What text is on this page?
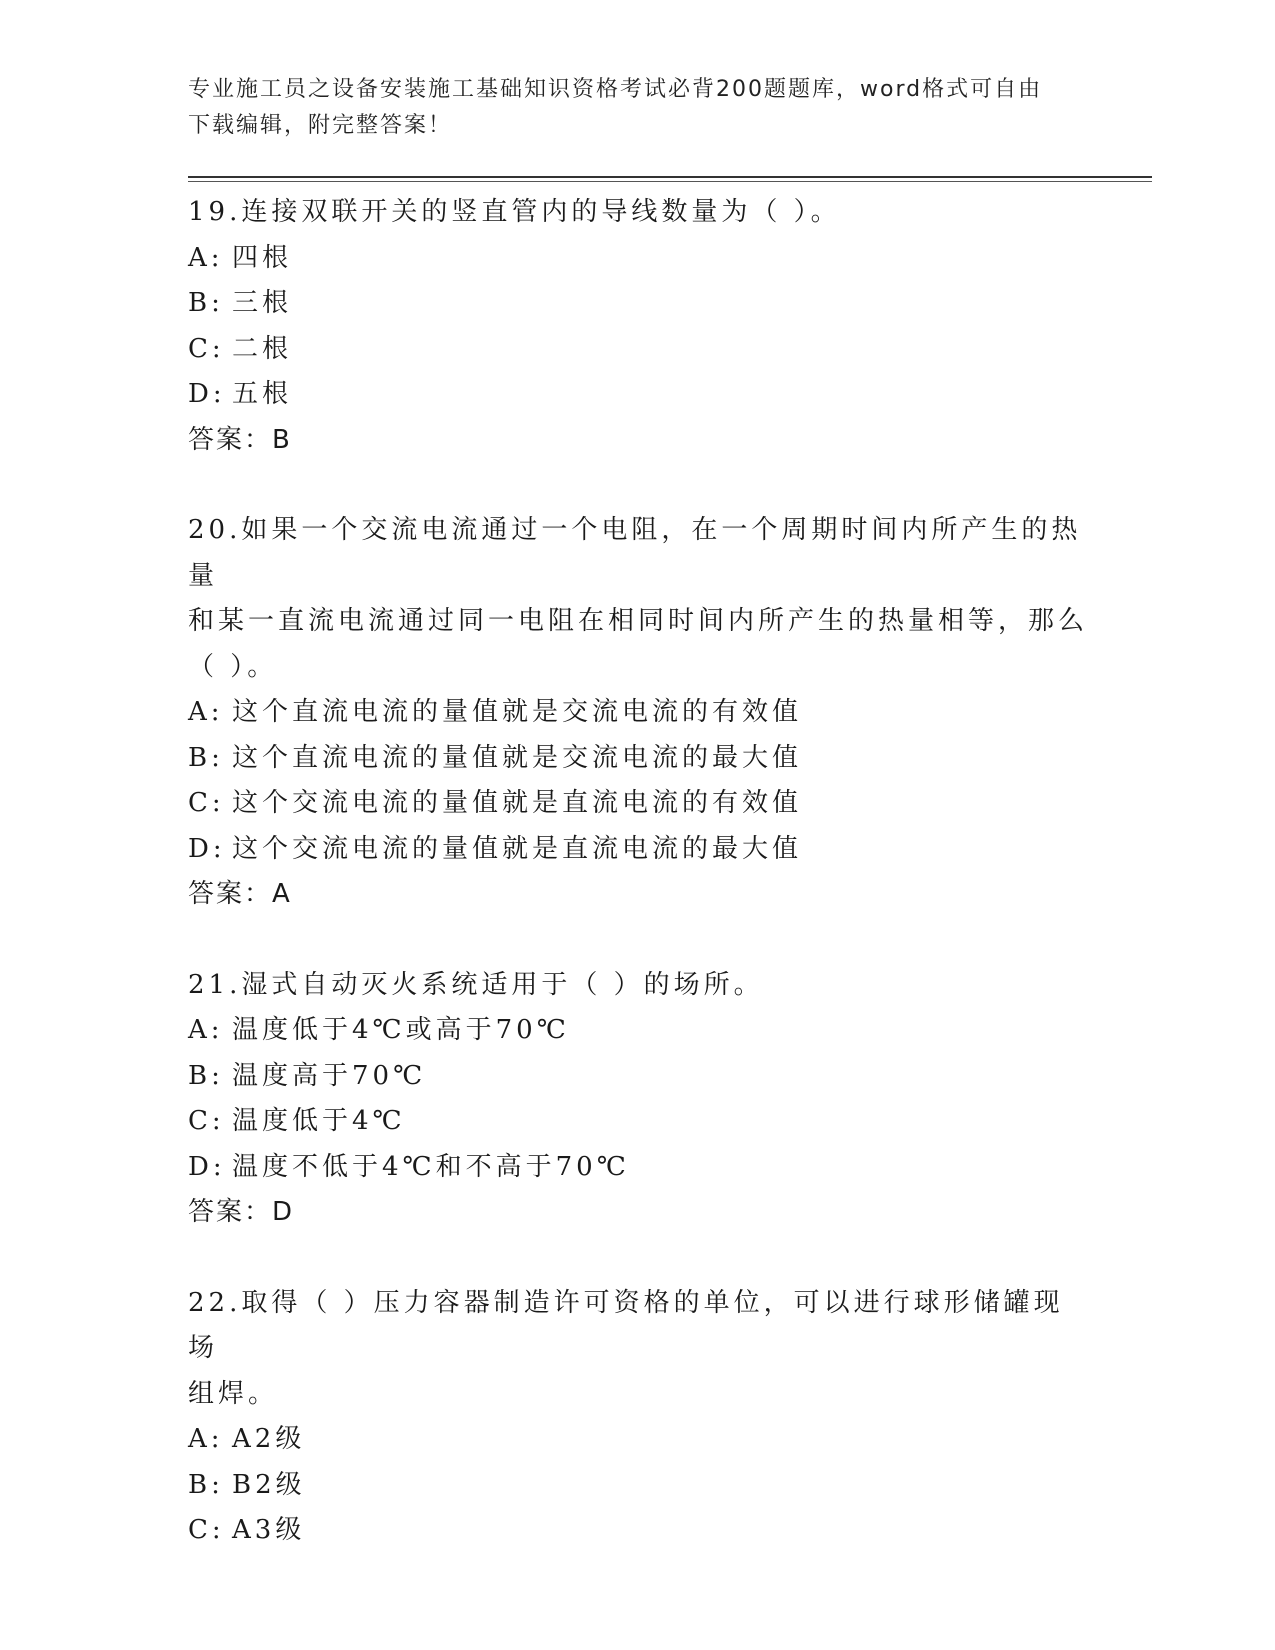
专业施工员之设备安装施工基础知识资格考试必背200题题库，word格式可自由
下载编辑，附完整答案！

19.连接双联开关的竖直管内的导线数量为（ ）。

A: 四根
B: 三根
C: 二根
D: 五根

答案：B

20.如果一个交流电流通过一个电阻，在一个周期时间内所产生的热量

和某一直流电流通过同一电阻在相同时间内所产生的热量相等，那么

（ ）。

A: 这个直流电流的量值就是交流电流的有效值
B: 这个直流电流的量值就是交流电流的最大值
C: 这个交流电流的量值就是直流电流的有效值
D: 这个交流电流的量值就是直流电流的最大值

答案：A

21.湿式自动灭火系统适用于（ ）的场所。

A: 温度低于4℃或高于70℃
B: 温度高于70℃
C: 温度低于4℃
D: 温度不低于4℃和不高于70℃

答案：D

22.取得（ ）压力容器制造许可资格的单位，可以进行球形储罐现场

组焊。

A: A2级
B: B2级
C: A3级
